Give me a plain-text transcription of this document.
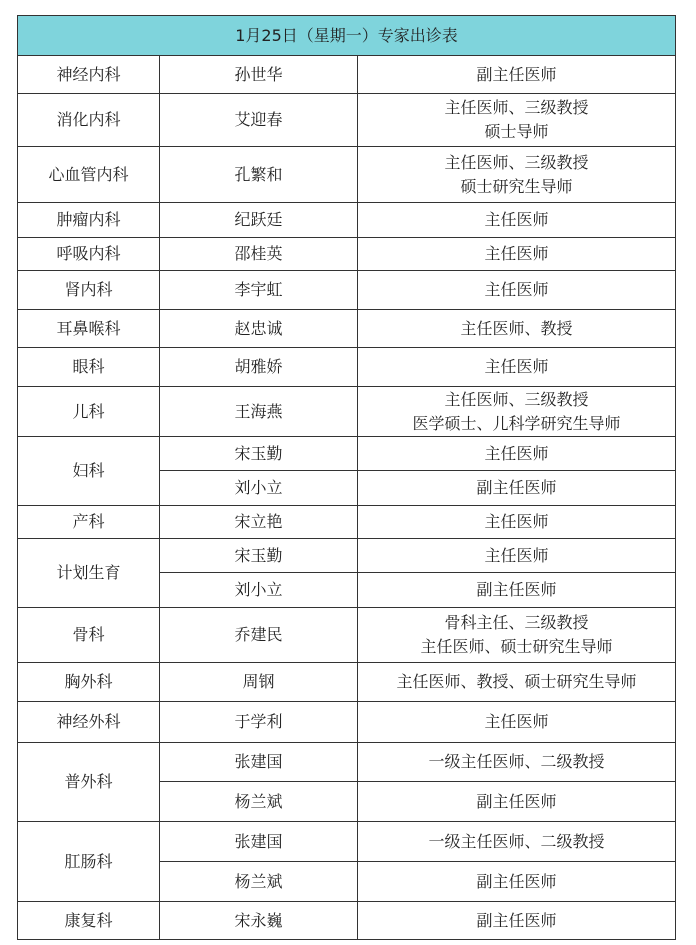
1月25日（星期一）专家出诊表		
神经内科	孙世华	副主任医师

消化内科	艾迎春	主任医师、三级教授
硕士导师

心血管内科	孔繁和	主任医师、三级教授
硕士研究生导师

肿瘤内科	纪跃廷	主任医师

呼吸内科	邵桂英	主任医师

肾内科	李宇虹	主任医师

耳鼻喉科	赵忠诚	主任医师、教授

眼科	胡雅娇	主任医师

儿科	王海燕	主任医师、三级教授
医学硕士、儿科学研究生导师

妇科	宋玉勤	主任医师

	刘小立	副主任医师

产科	宋立艳	主任医师

计划生育	宋玉勤	主任医师

	刘小立	副主任医师

骨科	乔建民	骨科主任、三级教授
主任医师、硕士研究生导师

胸外科	周钢	主任医师、教授、硕士研究生导师

神经外科	于学利	主任医师

普外科	张建国	一级主任医师、二级教授

	杨兰斌	副主任医师

肛肠科	张建国	一级主任医师、二级教授

	杨兰斌	副主任医师

康复科	宋永巍	副主任医师
